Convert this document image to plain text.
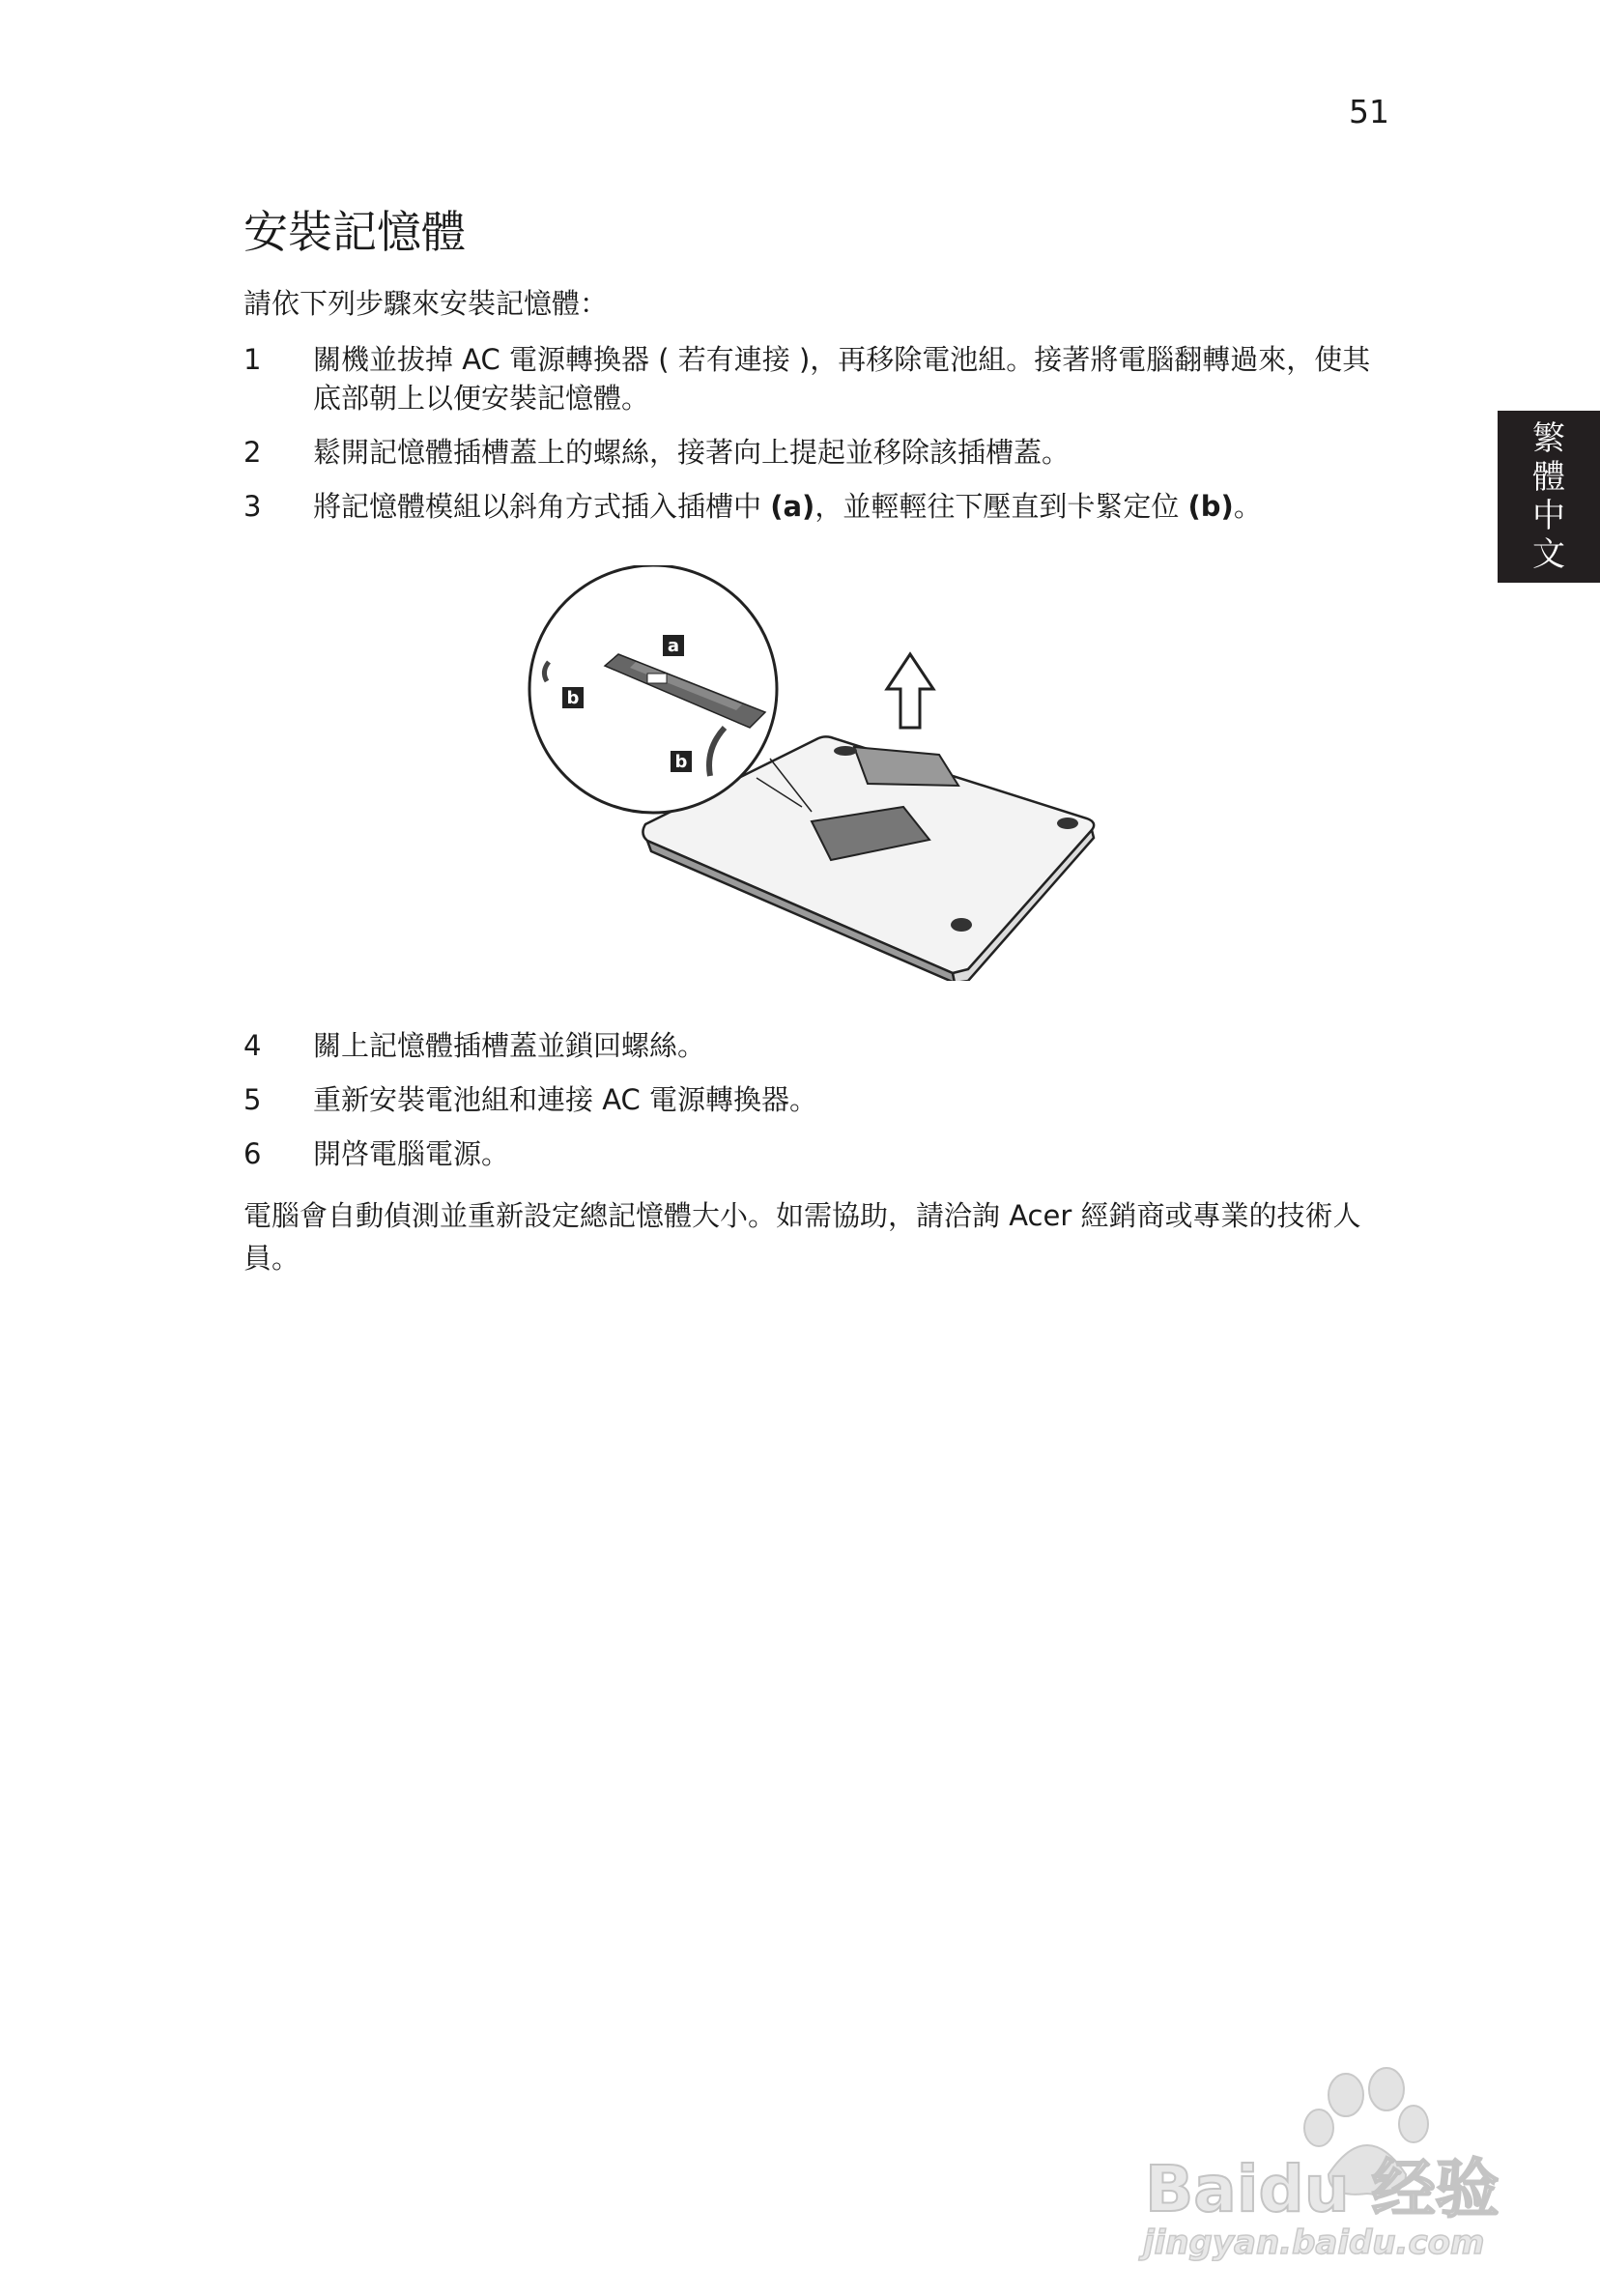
51
繁
體
中
文
安裝記憶體
請依下列步驟來安裝記憶體：
1	關機並拔掉 AC 電源轉換器 ( 若有連接 )，再移除電池組。接著將電腦翻轉過來，使其底部朝上以便安裝記憶體。
2	鬆開記憶體插槽蓋上的螺絲，接著向上提起並移除該插槽蓋。
3	將記憶體模組以斜角方式插入插槽中 (a)，並輕輕往下壓直到卡緊定位 (b)。
a
b
b
4	關上記憶體插槽蓋並鎖回螺絲。
5	重新安裝電池組和連接 AC 電源轉換器。
6	開啓電腦電源。
電腦會自動偵測並重新設定總記憶體大小。如需協助，請洽詢 Acer 經銷商或專業的技術人員。
Baidu 经验
jingyan.baidu.com
